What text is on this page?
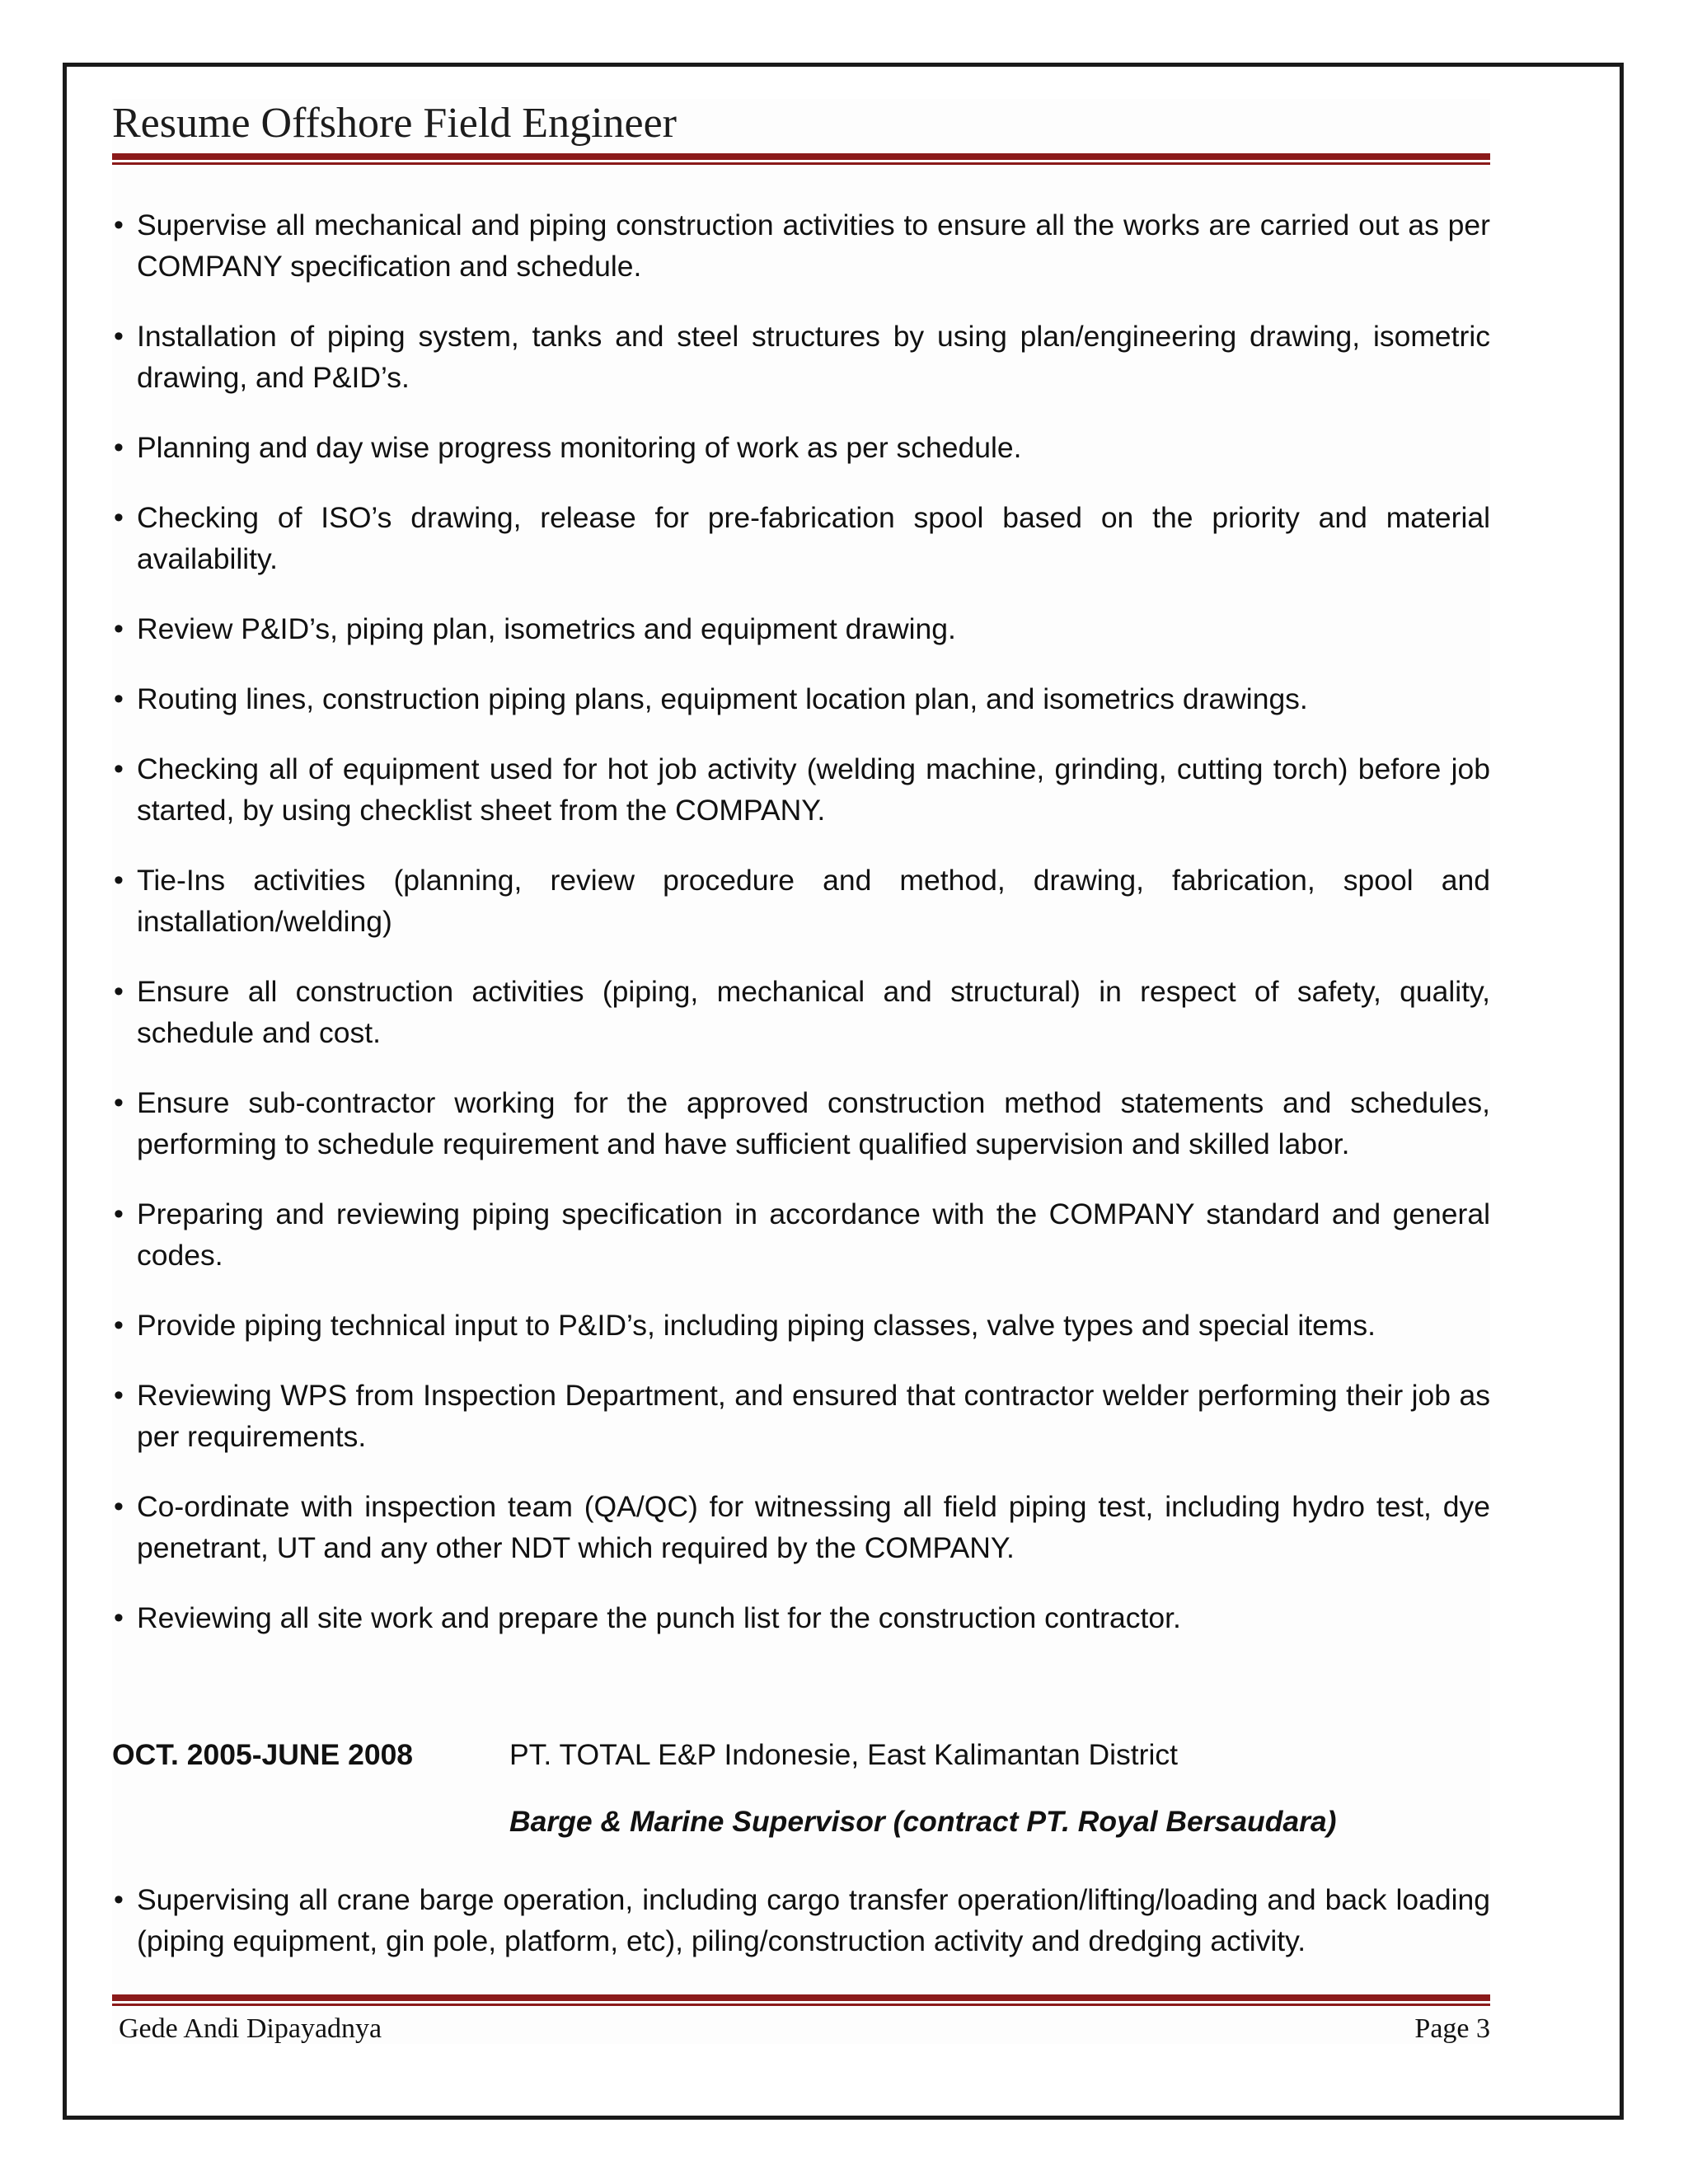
Resume Offshore Field Engineer
• Supervise all mechanical and piping construction activities to ensure all the works are carried out as per COMPANY specification and schedule.
• Installation of piping system, tanks and steel structures by using plan/engineering drawing, isometric drawing, and P&ID’s.
• Planning and day wise progress monitoring of work as per schedule.
• Checking of ISO’s drawing, release for pre-fabrication spool based on the priority and material availability.
• Review P&ID’s, piping plan, isometrics and equipment drawing.
• Routing lines, construction piping plans, equipment location plan, and isometrics drawings.
• Checking all of equipment used for hot job activity (welding machine, grinding, cutting torch) before job started, by using checklist sheet from the COMPANY.
• Tie-Ins activities (planning, review procedure and method, drawing, fabrication, spool and installation/welding)
• Ensure all construction activities (piping, mechanical and structural) in respect of safety, quality, schedule and cost.
• Ensure sub-contractor working for the approved construction method statements and schedules, performing to schedule requirement and have sufficient qualified supervision and skilled labor.
• Preparing and reviewing piping specification in accordance with the COMPANY standard and general codes.
• Provide piping technical input to P&ID’s, including piping classes, valve types and special items.
• Reviewing WPS from Inspection Department, and ensured that contractor welder performing their job as per requirements.
• Co-ordinate with inspection team (QA/QC) for witnessing all field piping test, including hydro test, dye penetrant, UT and any other NDT which required by the COMPANY.
• Reviewing all site work and prepare the punch list for the construction contractor.
OCT. 2005-JUNE 2008	PT. TOTAL E&P Indonesie, East Kalimantan District
Barge & Marine Supervisor (contract PT. Royal Bersaudara)
• Supervising all crane barge operation, including cargo transfer operation/lifting/loading and back loading (piping equipment, gin pole, platform, etc), piling/construction activity and dredging activity.
Gede Andi Dipayadnya	Page 3
